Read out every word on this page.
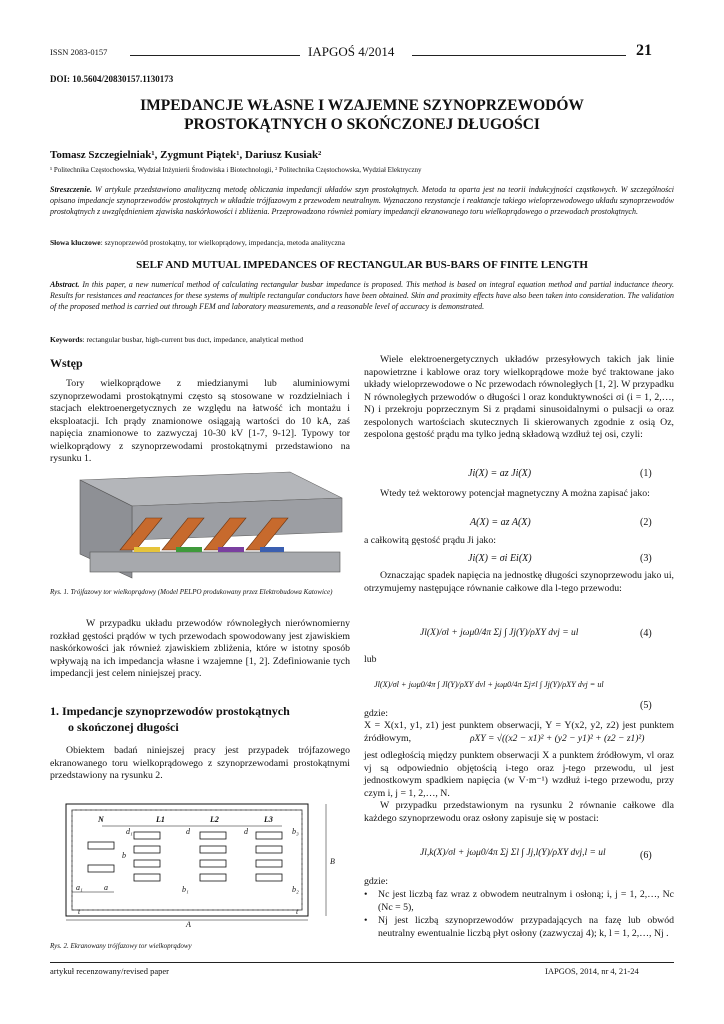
ISSN 2083-0157	IAPGOŚ 4/2014	21
DOI: 10.5604/20830157.1130173
IMPEDANCJE WŁASNE I WZAJEMNE SZYNOPRZEWODÓW
PROSTOKĄTNYCH O SKOŃCZONEJ DŁUGOŚCI
Tomasz Szczegielniak¹, Zygmunt Piątek¹, Dariusz Kusiak²
¹ Politechnika Częstochowska, Wydział Inżynierii Środowiska i Biotechnologii, ² Politechnika Częstochowska, Wydział Elektryczny
Streszczenie. W artykule przedstawiono analityczną metodę obliczania impedancji układów szyn prostokątnych. Metoda ta oparta jest na teorii indukcyjności cząstkowych. W szczególności opisano impedancje szynoprzewodów prostokątnych w układzie trójfazowym z przewodem neutralnym. Wyznaczono rezystancje i reaktancje takiego wieloprzewodowego układu szynoprzewodów prostokątnych z uwzględnieniem zjawiska naskórkowości i zbliżenia. Przeprowadzono również pomiary impedancji ekranowanego toru wielkoprądowego o przewodach prostokątnych.
Słowa kluczowe: szynoprzewód prostokątny, tor wielkoprądowy, impedancja, metoda analityczna
SELF AND MUTUAL IMPEDANCES OF RECTANGULAR BUS-BARS OF FINITE LENGTH
Abstract. In this paper, a new numerical method of calculating rectangular busbar impedance is proposed. This method is based on integral equation method and partial inductance theory. Results for resistances and reactances for these systems of multiple rectangular conductors have been obtained. Skin and proximity effects have also been taken into consideration. The validation of the proposed method is carried out through FEM and laboratory measurements, and a reasonable level of accuracy is demonstrated.
Keywords: rectangular busbar, high-current bus duct, impedance, analytical method
Wstęp
Tory wielkoprądowe z miedzianymi lub aluminiowymi szynoprzewodami prostokątnymi często są stosowane w rozdzielniach i stacjach elektroenergetycznych ze względu na łatwość ich montażu i eksploatacji. Ich prądy znamionowe osiągają wartości do 10 kA, zaś napięcia znamionowe to zazwyczaj 10-30 kV [1-7, 9-12]. Typowy tor wielkoprądowy z szynoprzewodami prostokątnymi przedstawiono na rysunku 1.
Rys. 1. Trójfazowy tor wielkoprądowy (Model PELPO produkowany przez Elektrobudowa Katowice)
W przypadku układu przewodów równoległych nierównomierny rozkład gęstości prądów w tych przewodach spowodowany jest zjawiskiem naskórkowości jak również zjawiskiem zbliżenia, które w istotny sposób wpływają na ich impedancja własne i wzajemne [1, 2]. Zdefiniowanie tych impedancji jest celem niniejszej pracy.
1. Impedancje szynoprzewodów prostokątnych
o skończonej długości
Obiektem badań niniejszej pracy jest przypadek trójfazowego ekranowanego toru wielkoprądowego z szynoprzewodami prostokątnymi przedstawiony na rysunku 2.
N	L1	L2	L3
d₁	d	d	b₃
b
B
a₁	a	b₁	b₂
t	t
A
Rys. 2. Ekranowany trójfazowy tor wielkoprądowy
Wiele elektroenergetycznych układów przesyłowych takich jak linie napowietrzne i kablowe oraz tory wielkoprądowe może być traktowane jako układy wieloprzewodowe o Nc przewodach równoległych [1, 2]. W przypadku N równoległych przewodów o długości l oraz konduktywności σi (i = 1, 2,…, N) i przekroju poprzecznym Si z prądami sinusoidalnymi o pulsacji ω oraz zespolonych wartościach skutecznych Ii skierowanych zgodnie z osią Oz, zespolona gęstość prądu ma tylko jedną składową wzdłuż tej osi, czyli:
Ji(X) = az Ji(X)	(1)
Wtedy też wektorowy potencjał magnetyczny A można zapisać jako:
A(X) = az A(X)	(2)
a całkowitą gęstość prądu Ji jako:
Ji(X) = σi Ei(X)	(3)
Oznaczając spadek napięcia na jednostkę długości szynoprzewodu jako ui, otrzymujemy następujące równanie całkowe dla l-tego przewodu:
Jl(X)/σl + jωμ0/4π Σj ∫ Jj(Y)/ρXY dvj = ul	(4)
lub
Jl(X)/σl + jωμ0/4π ∫ Jl(Y)/ρXY dvl + jωμ0/4π Σj≠l ∫ Jj(Y)/ρXY dvj = ul
(5)
gdzie:
X = X(x1, y1, z1) jest punktem obserwacji, Y = Y(x2, y2, z2) jest punktem źródłowym,	ρXY = √((x2 − x1)² + (y2 − y1)² + (z2 − z1)²)
jest odległością między punktem obserwacji X a punktem źródłowym, vl oraz vj są odpowiednio objętością i-tego oraz j-tego przewodu, ul jest jednostkowym spadkiem napięcia (w V·m⁻¹) wzdłuż i-tego przewodu, przy czym i, j = 1, 2,…, N.
W przypadku przedstawionym na rysunku 2 równanie całkowe dla każdego szynoprzewodu oraz osłony zapisuje się w postaci:
Jl,k(X)/σl + jωμ0/4π Σj Σl ∫ Jj,l(Y)/ρXY dvj,l = ul	(6)
gdzie:
• Nc jest liczbą faz wraz z obwodem neutralnym i osłoną; i, j = 1, 2,…, Nc (Nc = 5),
• Nj jest liczbą szynoprzewodów przypadających na fazę lub obwód neutralny ewentualnie liczbą płyt osłony (zazwyczaj 4); k, l = 1, 2,…, Nj .
artykuł recenzowany/revised paper	IAPGOS, 2014, nr 4, 21-24
